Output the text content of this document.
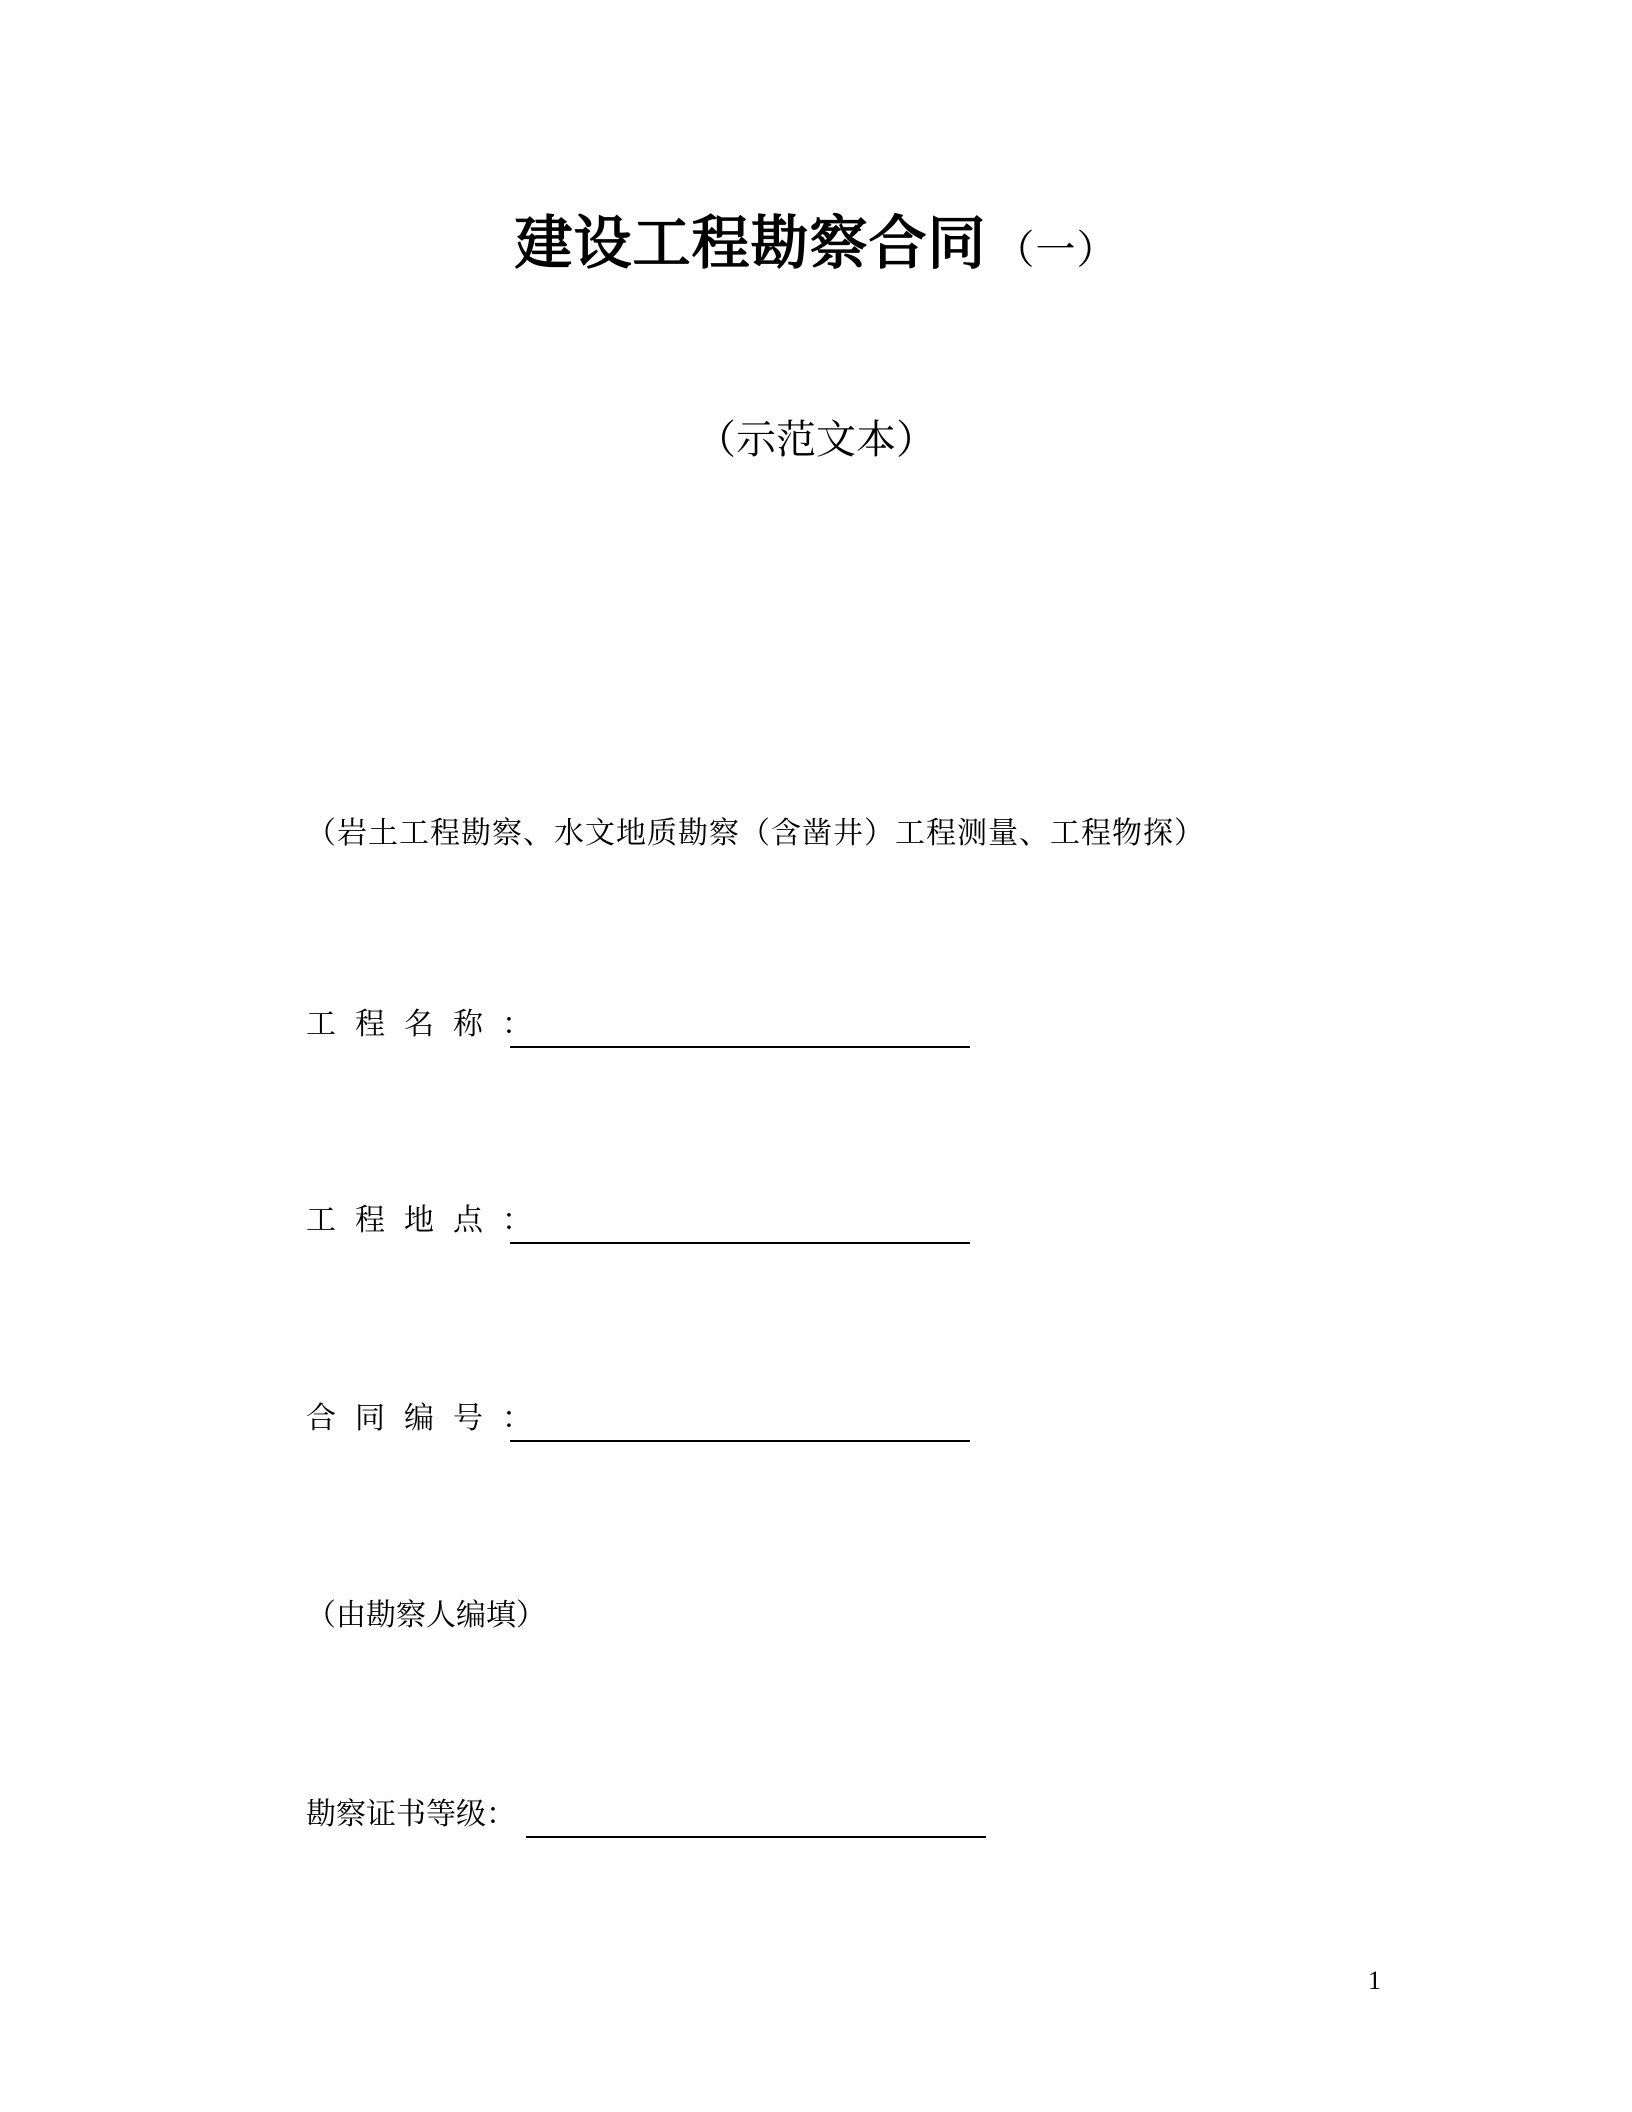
建设工程勘察合同 （一）
（示范文本）
（岩土工程勘察、水文地质勘察（含凿井）工程测量、工程物探）
工程名称：
工程地点：
合同编号：
（由勘察人编填）
勘察证书等级：
1
